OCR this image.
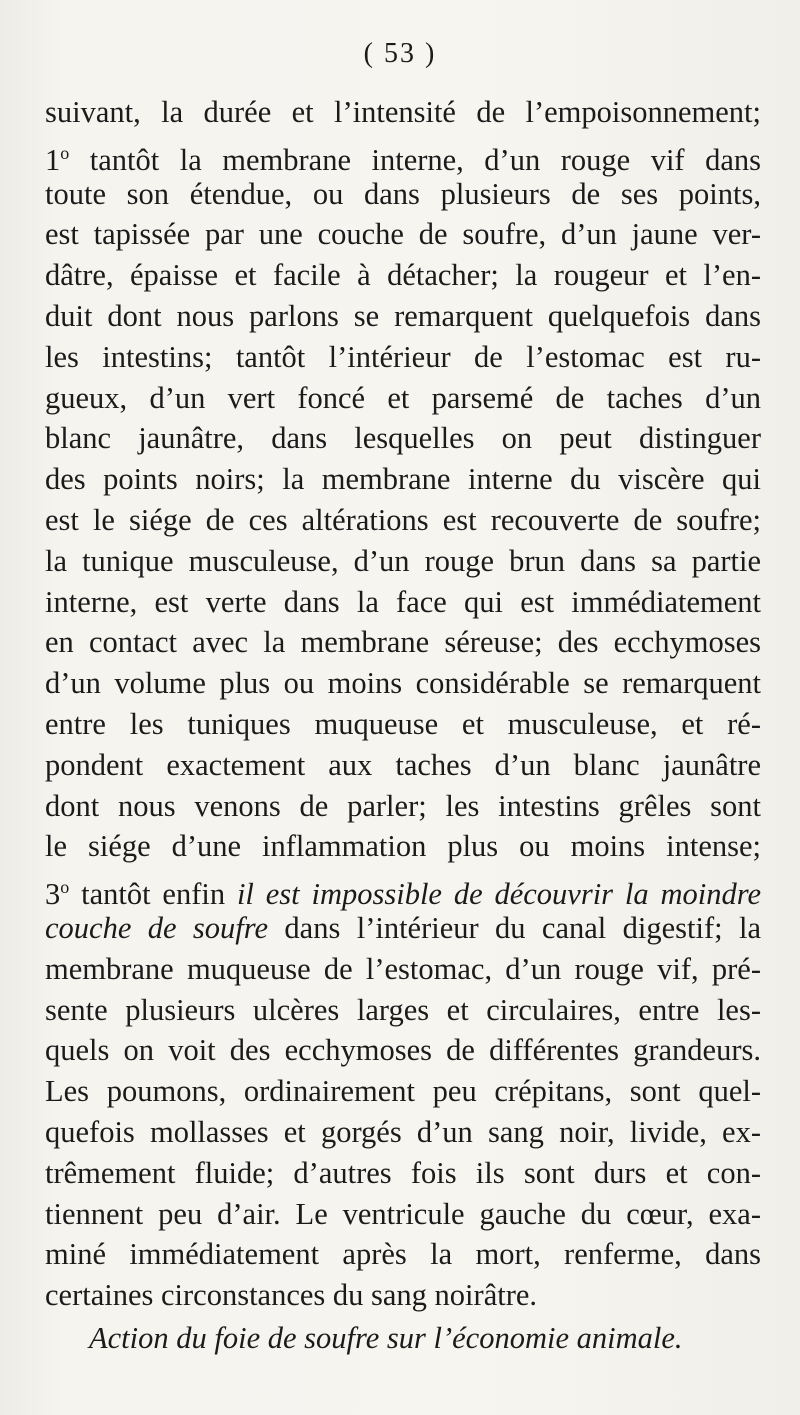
( 53 )
suivant, la durée et l’intensité de l’empoisonnement;
1$^o$ tantôt la membrane interne, d’un rouge vif dans
toute son étendue, ou dans plusieurs de ses points,
est tapissée par une couche de soufre, d’un jaune ver-
dâtre, épaisse et facile à détacher; la rougeur et l’en-
duit dont nous parlons se remarquent quelquefois dans
les intestins; tantôt l’intérieur de l’estomac est ru-
gueux, d’un vert foncé et parsemé de taches d’un
blanc jaunâtre, dans lesquelles on peut distinguer
des points noirs; la membrane interne du viscère qui
est le siége de ces altérations est recouverte de soufre;
la tunique musculeuse, d’un rouge brun dans sa partie
interne, est verte dans la face qui est immédiatement
en contact avec la membrane séreuse; des ecchymoses
d’un volume plus ou moins considérable se remarquent
entre les tuniques muqueuse et musculeuse, et ré-
pondent exactement aux taches d’un blanc jaunâtre
dont nous venons de parler; les intestins grêles sont
le siége d’une inflammation plus ou moins intense;
3$^o$ tantôt enfin il est impossible de découvrir la moindre
couche de soufre dans l’intérieur du canal digestif; la
membrane muqueuse de l’estomac, d’un rouge vif, pré-
sente plusieurs ulcères larges et circulaires, entre les-
quels on voit des ecchymoses de différentes grandeurs.
Les poumons, ordinairement peu crépitans, sont quel-
quefois mollasses et gorgés d’un sang noir, livide, ex-
trêmement fluide; d’autres fois ils sont durs et con-
tiennent peu d’air. Le ventricule gauche du cœur, exa-
miné immédiatement après la mort, renferme, dans
certaines circonstances du sang noirâtre.
Action du foie de soufre sur l’économie animale.
